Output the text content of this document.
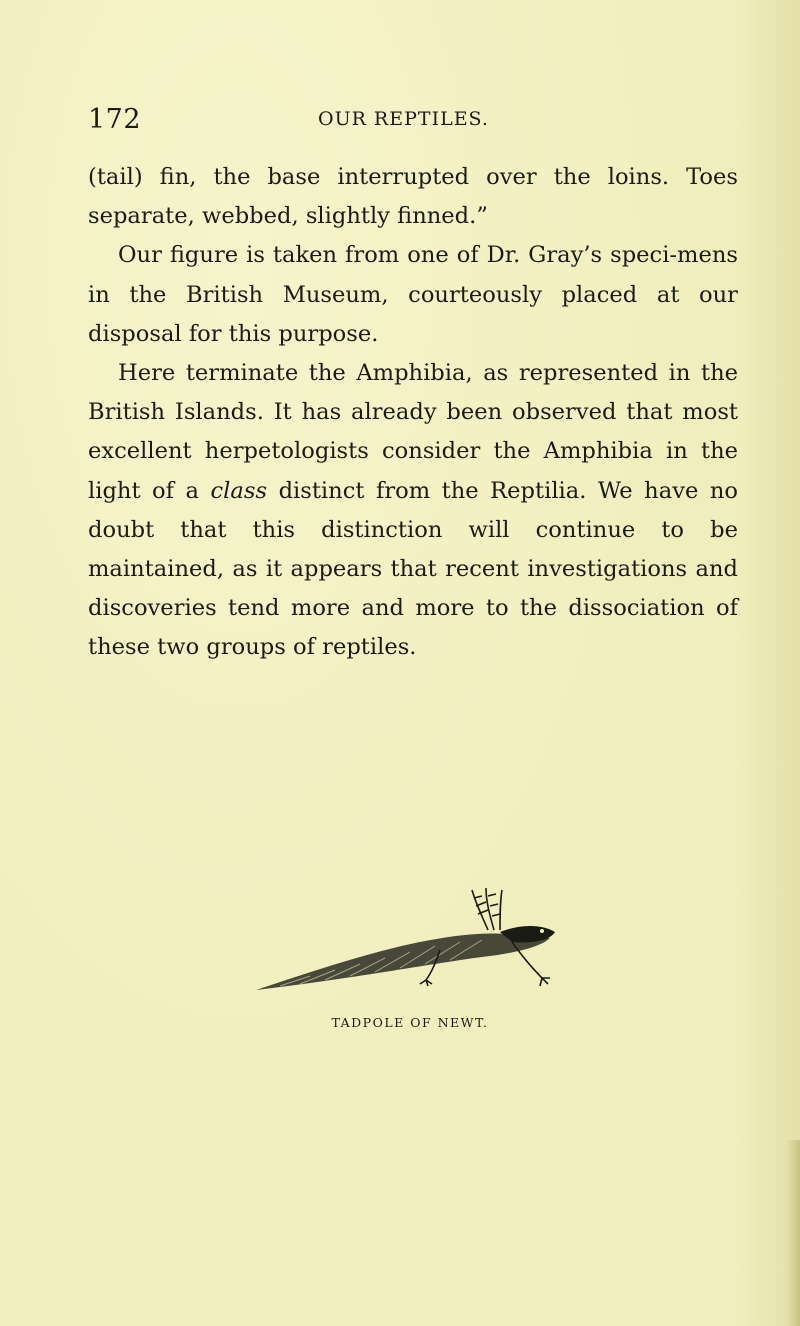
172	OUR REPTILES.

(tail) fin, the base interrupted over the loins. Toes separate, webbed, slightly finned.”

Our figure is taken from one of Dr. Gray’s speci-mens in the British Museum, courteously placed at our disposal for this purpose.

Here terminate the Amphibia, as represented in the British Islands. It has already been observed that most excellent herpetologists consider the Amphibia in the light of a class distinct from the Reptilia. We have no doubt that this distinction will continue to be maintained, as it appears that recent investigations and discoveries tend more and more to the dissociation of these two groups of reptiles.

TADPOLE OF NEWT.
